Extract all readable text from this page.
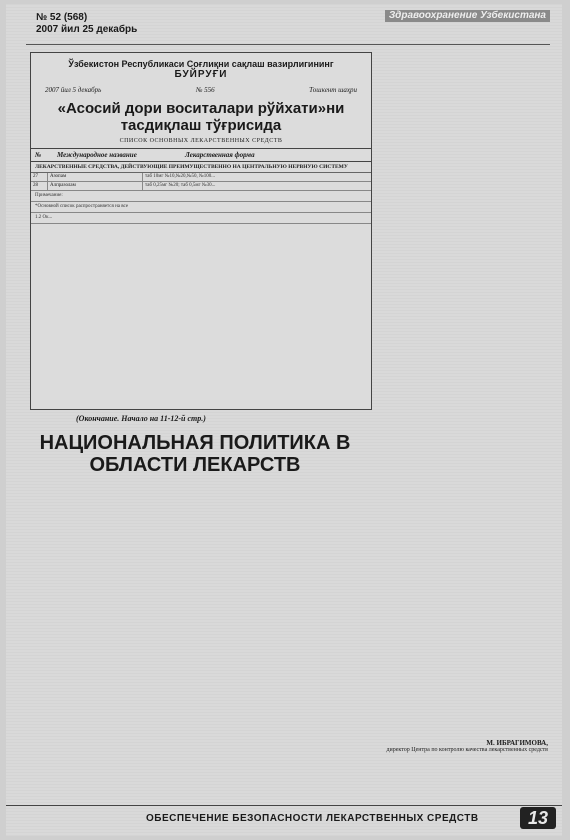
№ 52 (568)
2007 йил 25 декабрь
Здравоохранение Узбекистана
Ўзбекистон Республикаси Соғлиқни сақлаш вазирлигининг
БУЙРУҒИ
2007 йил 5 декабрь	№ 556	Тошкент шаҳри
«Асосий дори воситалари рўйхати»ни тасдиқлаш тўғрисида
СПИСОК ОСНОВНЫХ ЛЕКАРСТВЕННЫХ СРЕДСТВ
№	Международное название	Лекарственная форма
ЛЕКАРСТВЕННЫЕ СРЕДСТВА, ДЕЙСТВУЮЩИЕ ПРЕИМУЩЕСТВЕННО НА ЦЕНТРАЛЬНУЮ НЕРВНУЮ СИСТЕМУ
27	Азопам	таб 10мг №10,№20,№50, №100...
28	Алпразолам	таб 0,25мг №20; таб 0,5мг №30...
Примечание:
*Основной список распространяется на все
1.2 Ок...
(Окончание. Начало на 11-12-й стр.)
НАЦИОНАЛЬНАЯ ПОЛИТИКА В ОБЛАСТИ ЛЕКАРСТВ
М. ИБРАГИМОВА,
директор Центра по контролю качества лекарственных средств
ОБЕСПЕЧЕНИЕ БЕЗОПАСНОСТИ ЛЕКАРСТВЕННЫХ СРЕДСТВ	13
